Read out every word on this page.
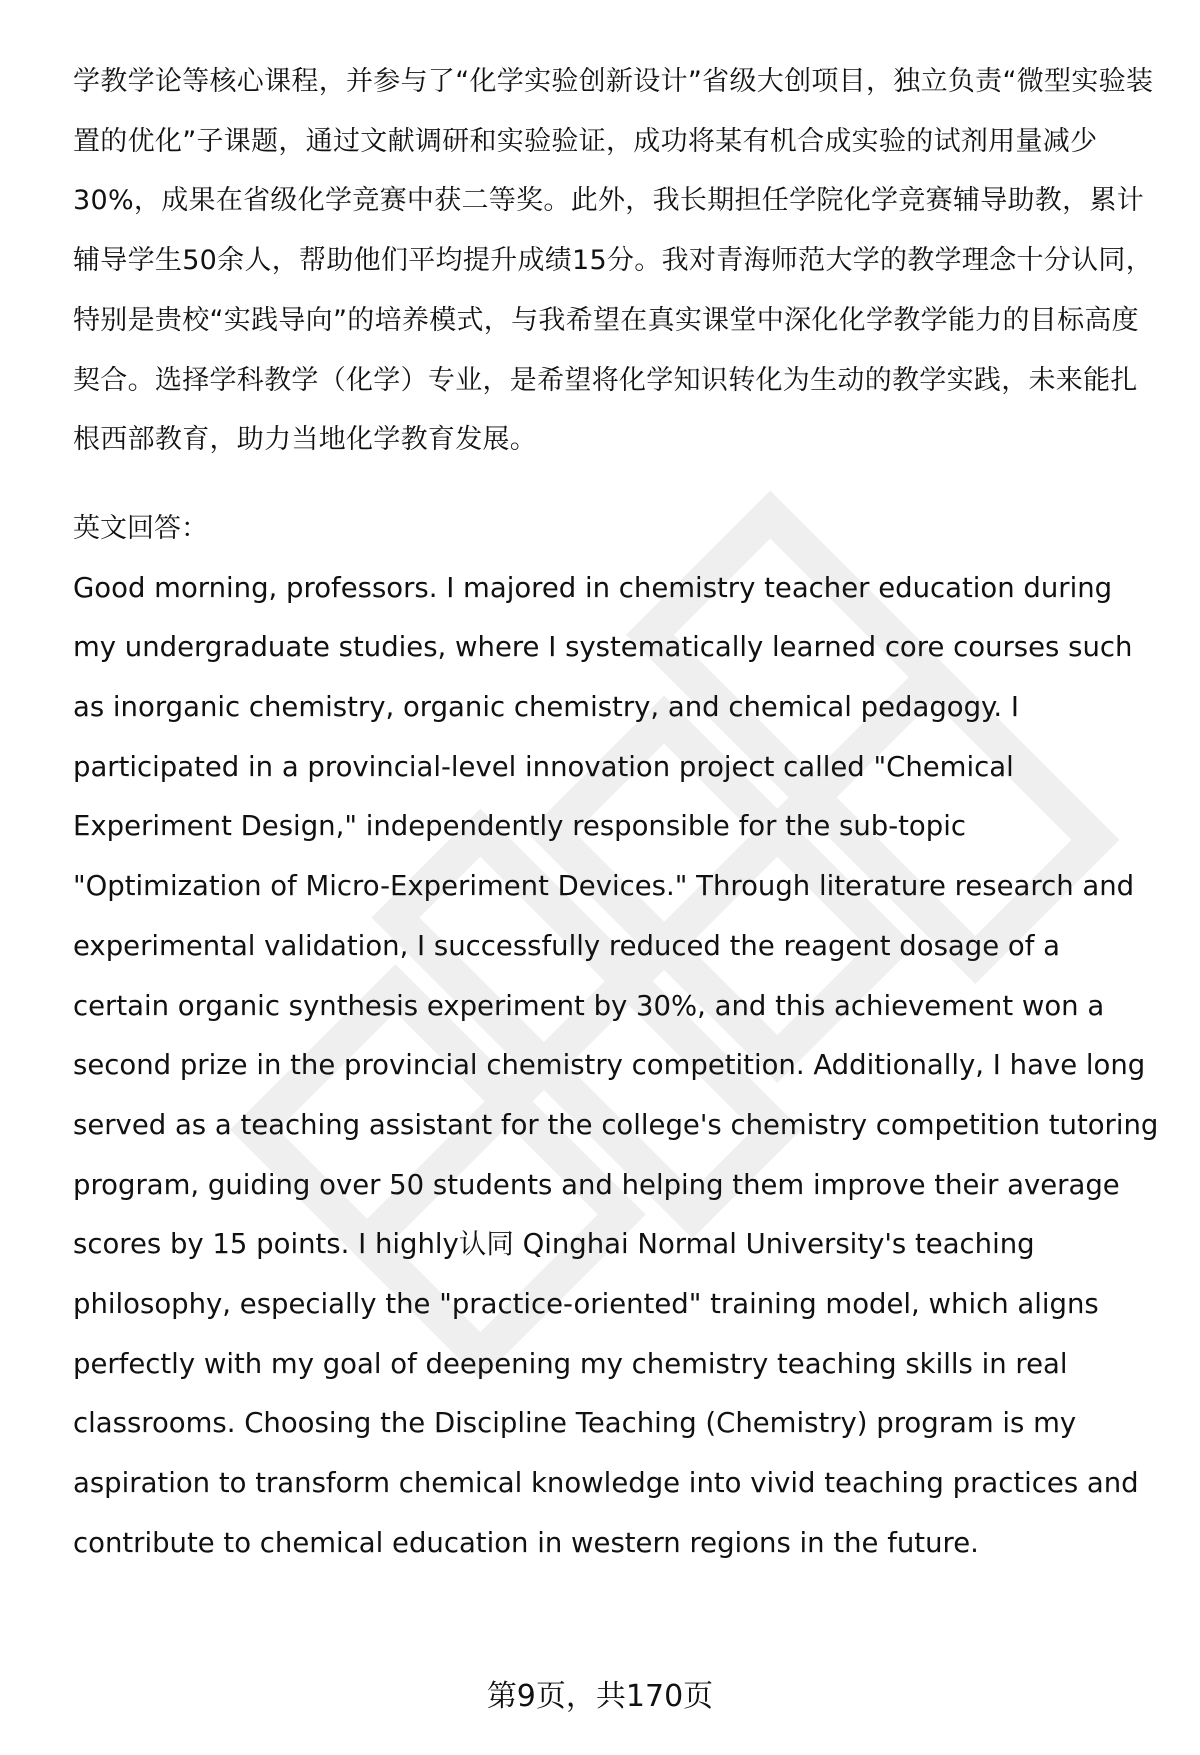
学教学论等核心课程，并参与了“化学实验创新设计”省级大创项目，独立负责“微型实验装置的优化”子课题，通过文献调研和实验验证，成功将某有机合成实验的试剂用量减少30%，成果在省级化学竞赛中获二等奖。此外，我长期担任学院化学竞赛辅导助教，累计辅导学生50余人，帮助他们平均提升成绩15分。我对青海师范大学的教学理念十分认同，特别是贵校“实践导向”的培养模式，与我希望在真实课堂中深化化学教学能力的目标高度契合。选择学科教学（化学）专业，是希望将化学知识转化为生动的教学实践，未来能扎根西部教育，助力当地化学教育发展。

英文回答：

Good morning, professors. I majored in chemistry teacher education during my undergraduate studies, where I systematically learned core courses such as inorganic chemistry, organic chemistry, and chemical pedagogy. I participated in a provincial-level innovation project called "Chemical Experiment Design," independently responsible for the sub-topic "Optimization of Micro-Experiment Devices." Through literature research and experimental validation, I successfully reduced the reagent dosage of a certain organic synthesis experiment by 30%, and this achievement won a second prize in the provincial chemistry competition. Additionally, I have long served as a teaching assistant for the college's chemistry competition tutoring program, guiding over 50 students and helping them improve their average scores by 15 points. I highly认同 Qinghai Normal University's teaching philosophy, especially the "practice-oriented" training model, which aligns perfectly with my goal of deepening my chemistry teaching skills in real classrooms. Choosing the Discipline Teaching (Chemistry) program is my aspiration to transform chemical knowledge into vivid teaching practices and contribute to chemical education in western regions in the future.

第9页，共170页
